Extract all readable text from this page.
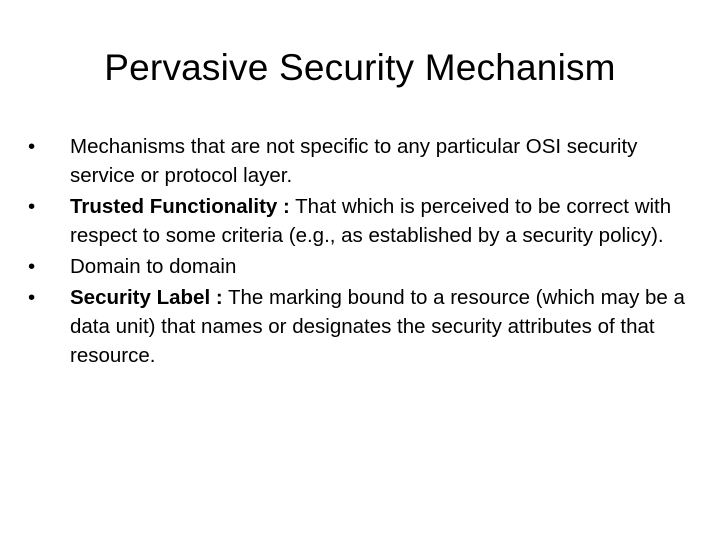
Pervasive Security Mechanism
•	Mechanisms that are not specific to any particular OSI security service or protocol layer.
•	Trusted Functionality : That which is perceived to be correct with respect to some criteria (e.g., as established by a security policy).
•	Domain to domain
•	Security Label : The marking bound to a resource (which may be a data unit) that names or designates the security attributes of that resource.
